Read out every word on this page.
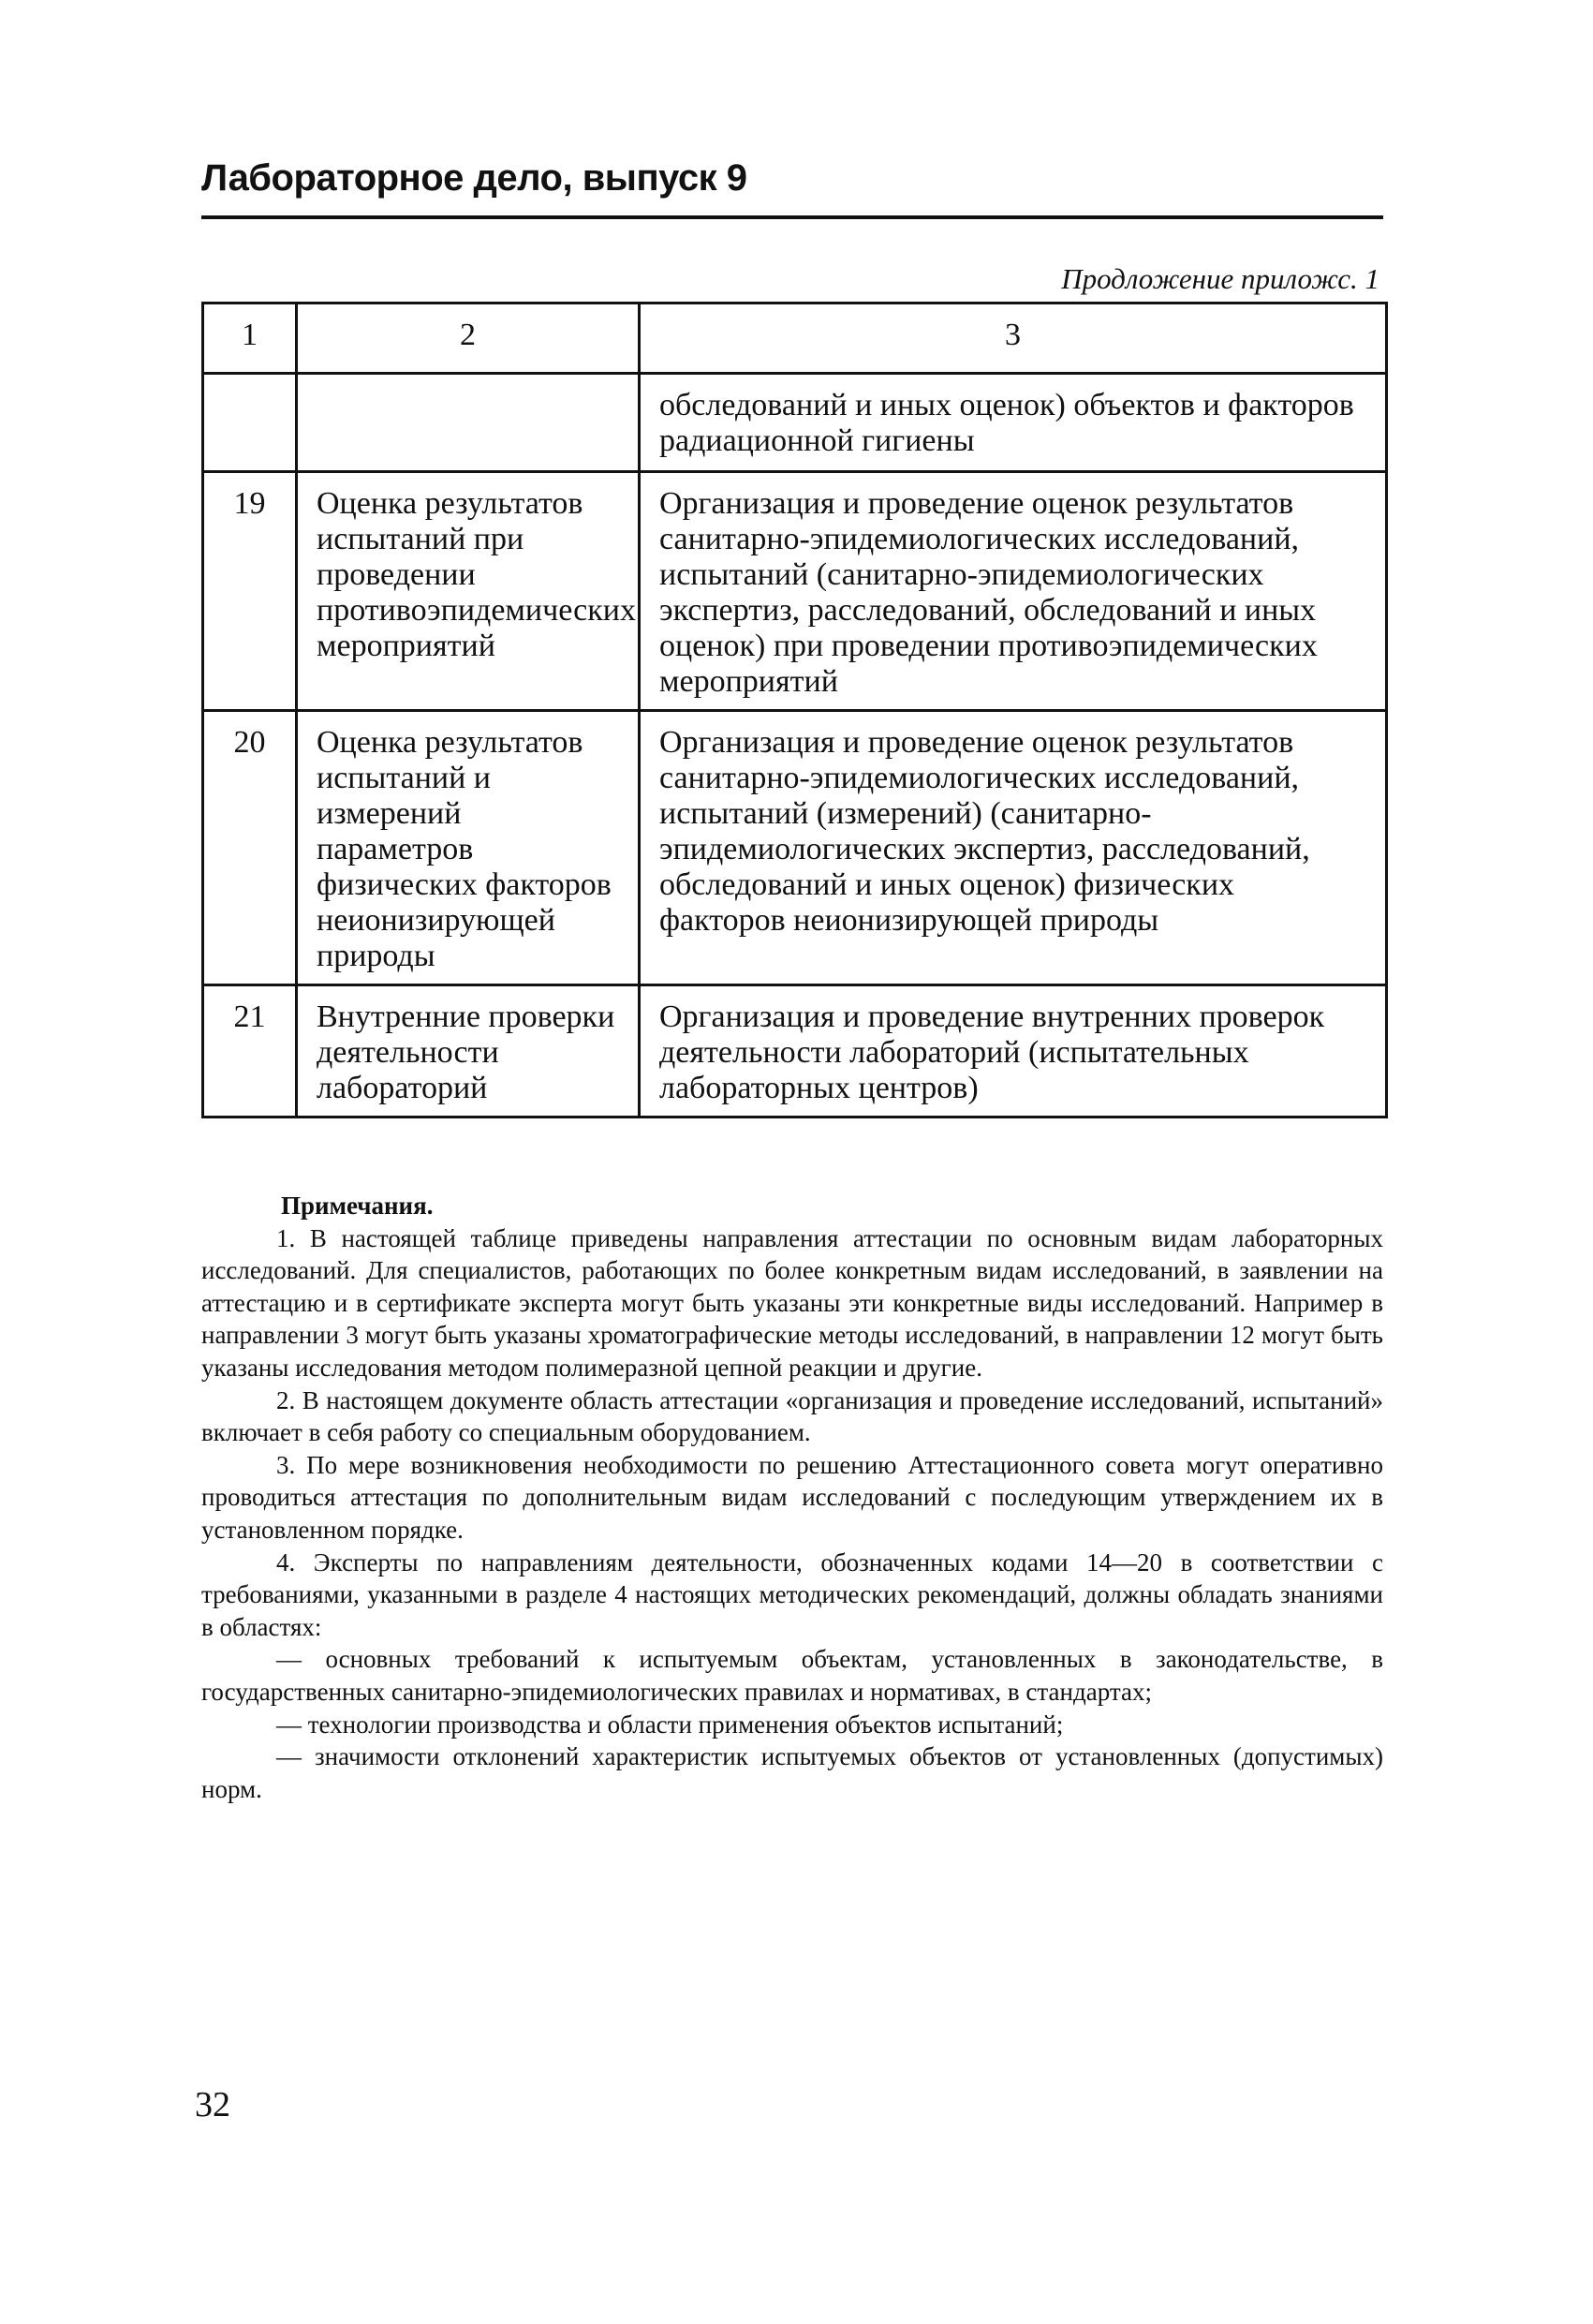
Лабораторное дело, выпуск 9
Продложение приложс. 1
1	2	3
		обследований и иных оценок) объектов и факторов радиационной гигиены
19	Оценка результатов испытаний при проведении противоэпидемических мероприятий	Организация и проведение оценок результатов санитарно-эпидемиологических исследований, испытаний (санитарно-эпидемиологических экспертиз, расследований, обследований и иных оценок) при проведении противоэпидемических мероприятий
20	Оценка результатов испытаний и измерений параметров физических факторов неионизирующей природы	Организация и проведение оценок результатов санитарно-эпидемиологических исследований, испытаний (измерений) (санитарно-эпидемиологических экспертиз, расследований, обследований и иных оценок) физических факторов неионизирующей природы
21	Внутренние проверки деятельности лабораторий	Организация и проведение внутренних проверок деятельности лабораторий (испытательных лабораторных центров)
Примечания.

1. В настоящей таблице приведены направления аттестации по основным видам лабораторных исследований. Для специалистов, работающих по более конкретным видам исследований, в заявлении на аттестацию и в сертификате эксперта могут быть указаны эти конкретные виды исследований. Например в направлении 3 могут быть указаны хроматографические методы исследований, в направлении 12 могут быть указаны исследования методом полимеразной цепной реакции и другие.

2. В настоящем документе область аттестации «организация и проведение исследований, испытаний» включает в себя работу со специальным оборудованием.

3. По мере возникновения необходимости по решению Аттестационного совета могут оперативно проводиться аттестация по дополнительным видам исследований с последующим утверждением их в установленном порядке.

4. Эксперты по направлениям деятельности, обозначенных кодами 14—20 в соответствии с требованиями, указанными в разделе 4 настоящих методических рекомендаций, должны обладать знаниями в областях:

— основных требований к испытуемым объектам, установленных в законодательстве, в государственных санитарно-эпидемиологических правилах и нормативах, в стандартах;

— технологии производства и области применения объектов испытаний;

— значимости отклонений характеристик испытуемых объектов от установленных (допустимых) норм.

32
